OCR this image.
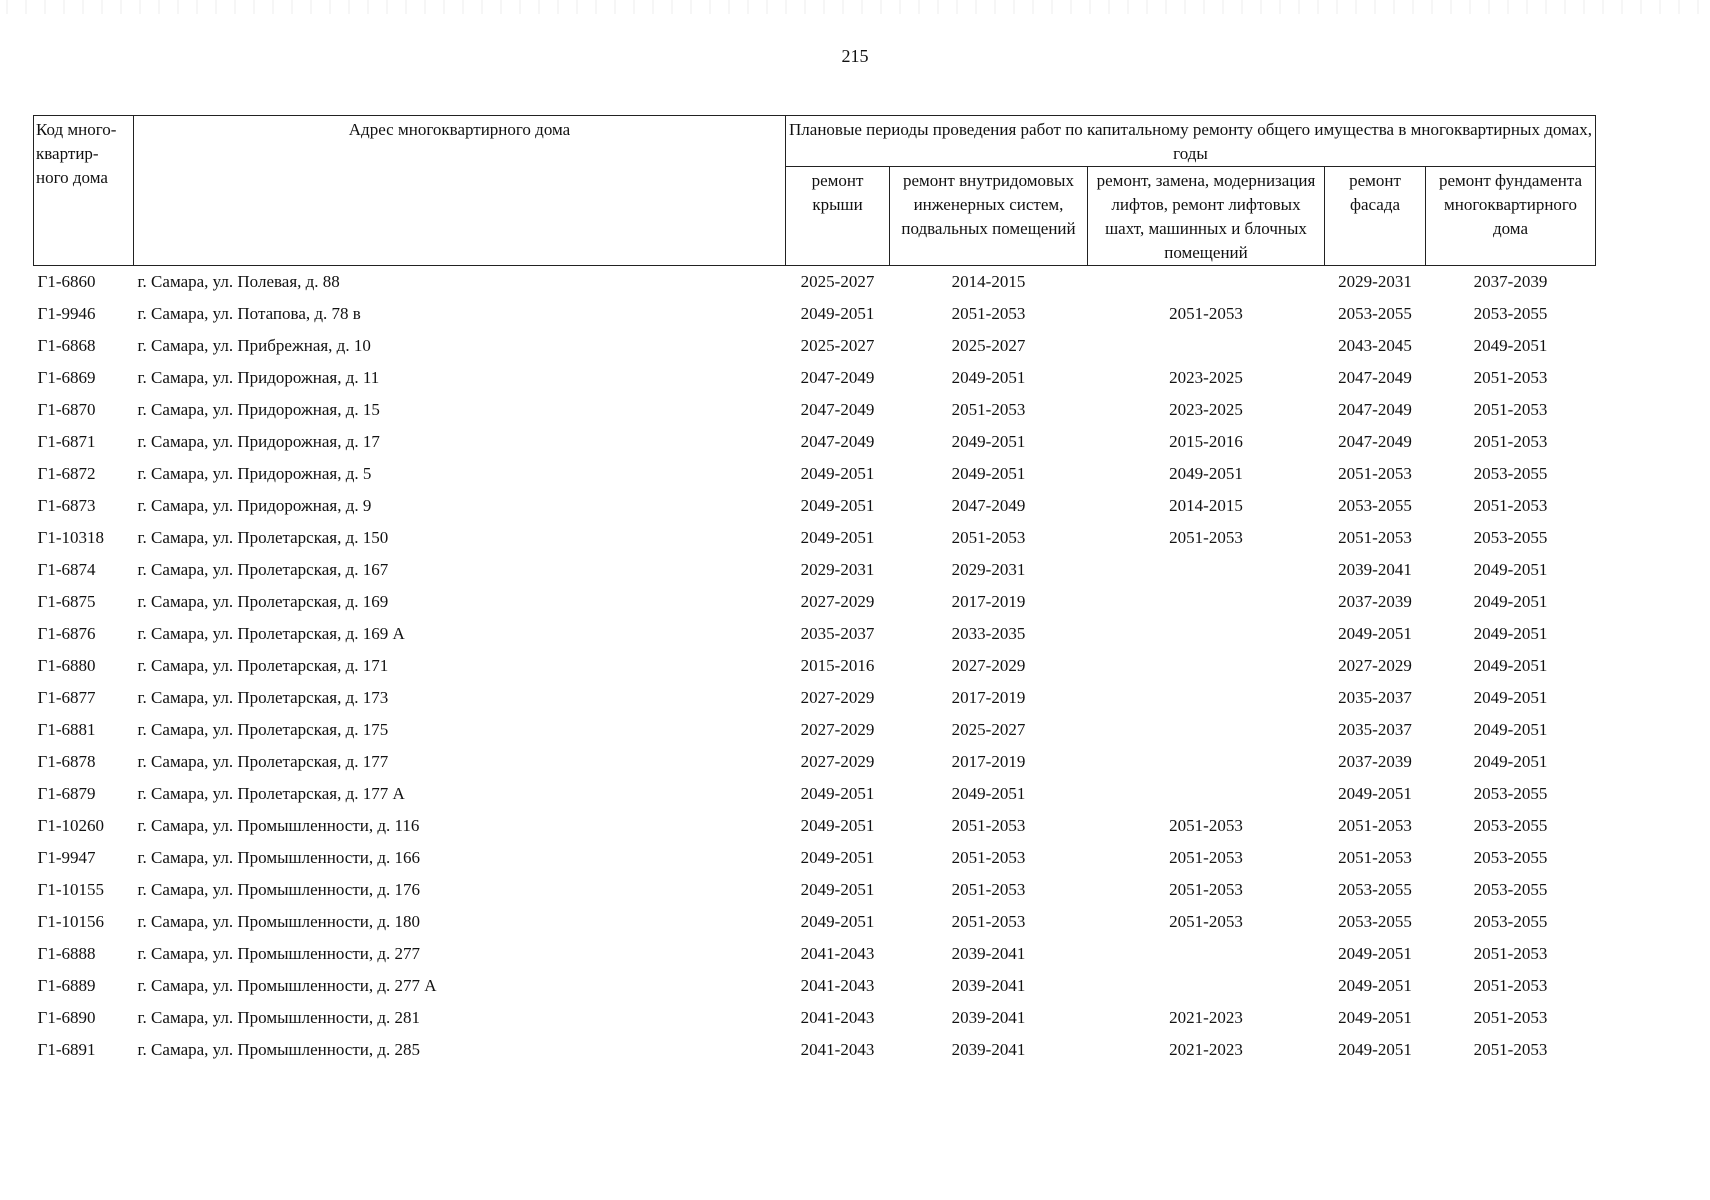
215
Код много-квартир-ного дома	Адрес многоквартирного дома	Плановые периоды проведения работ по капитальному ремонту общего имущества в многоквартирных домах, годы				
		ремонт крыши	ремонт внутридомовых инженерных систем, подвальных помещений	ремонт, замена, модернизация лифтов, ремонт лифтовых шахт, машинных и блочных помещений	ремонт фасада	ремонт фундамента многоквартирного дома
Г1-6860	г. Самара, ул. Полевая, д. 88	2025-2027	2014-2015		2029-2031	2037-2039
Г1-9946	г. Самара, ул. Потапова, д. 78 в	2049-2051	2051-2053	2051-2053	2053-2055	2053-2055
Г1-6868	г. Самара, ул. Прибрежная, д. 10	2025-2027	2025-2027		2043-2045	2049-2051
Г1-6869	г. Самара, ул. Придорожная, д. 11	2047-2049	2049-2051	2023-2025	2047-2049	2051-2053
Г1-6870	г. Самара, ул. Придорожная, д. 15	2047-2049	2051-2053	2023-2025	2047-2049	2051-2053
Г1-6871	г. Самара, ул. Придорожная, д. 17	2047-2049	2049-2051	2015-2016	2047-2049	2051-2053
Г1-6872	г. Самара, ул. Придорожная, д. 5	2049-2051	2049-2051	2049-2051	2051-2053	2053-2055
Г1-6873	г. Самара, ул. Придорожная, д. 9	2049-2051	2047-2049	2014-2015	2053-2055	2051-2053
Г1-10318	г. Самара, ул. Пролетарская, д. 150	2049-2051	2051-2053	2051-2053	2051-2053	2053-2055
Г1-6874	г. Самара, ул. Пролетарская, д. 167	2029-2031	2029-2031		2039-2041	2049-2051
Г1-6875	г. Самара, ул. Пролетарская, д. 169	2027-2029	2017-2019		2037-2039	2049-2051
Г1-6876	г. Самара, ул. Пролетарская, д. 169 А	2035-2037	2033-2035		2049-2051	2049-2051
Г1-6880	г. Самара, ул. Пролетарская, д. 171	2015-2016	2027-2029		2027-2029	2049-2051
Г1-6877	г. Самара, ул. Пролетарская, д. 173	2027-2029	2017-2019		2035-2037	2049-2051
Г1-6881	г. Самара, ул. Пролетарская, д. 175	2027-2029	2025-2027		2035-2037	2049-2051
Г1-6878	г. Самара, ул. Пролетарская, д. 177	2027-2029	2017-2019		2037-2039	2049-2051
Г1-6879	г. Самара, ул. Пролетарская, д. 177 А	2049-2051	2049-2051		2049-2051	2053-2055
Г1-10260	г. Самара, ул. Промышленности, д. 116	2049-2051	2051-2053	2051-2053	2051-2053	2053-2055
Г1-9947	г. Самара, ул. Промышленности, д. 166	2049-2051	2051-2053	2051-2053	2051-2053	2053-2055
Г1-10155	г. Самара, ул. Промышленности, д. 176	2049-2051	2051-2053	2051-2053	2053-2055	2053-2055
Г1-10156	г. Самара, ул. Промышленности, д. 180	2049-2051	2051-2053	2051-2053	2053-2055	2053-2055
Г1-6888	г. Самара, ул. Промышленности, д. 277	2041-2043	2039-2041		2049-2051	2051-2053
Г1-6889	г. Самара, ул. Промышленности, д. 277 А	2041-2043	2039-2041		2049-2051	2051-2053
Г1-6890	г. Самара, ул. Промышленности, д. 281	2041-2043	2039-2041	2021-2023	2049-2051	2051-2053
Г1-6891	г. Самара, ул. Промышленности, д. 285	2041-2043	2039-2041	2021-2023	2049-2051	2051-2053
